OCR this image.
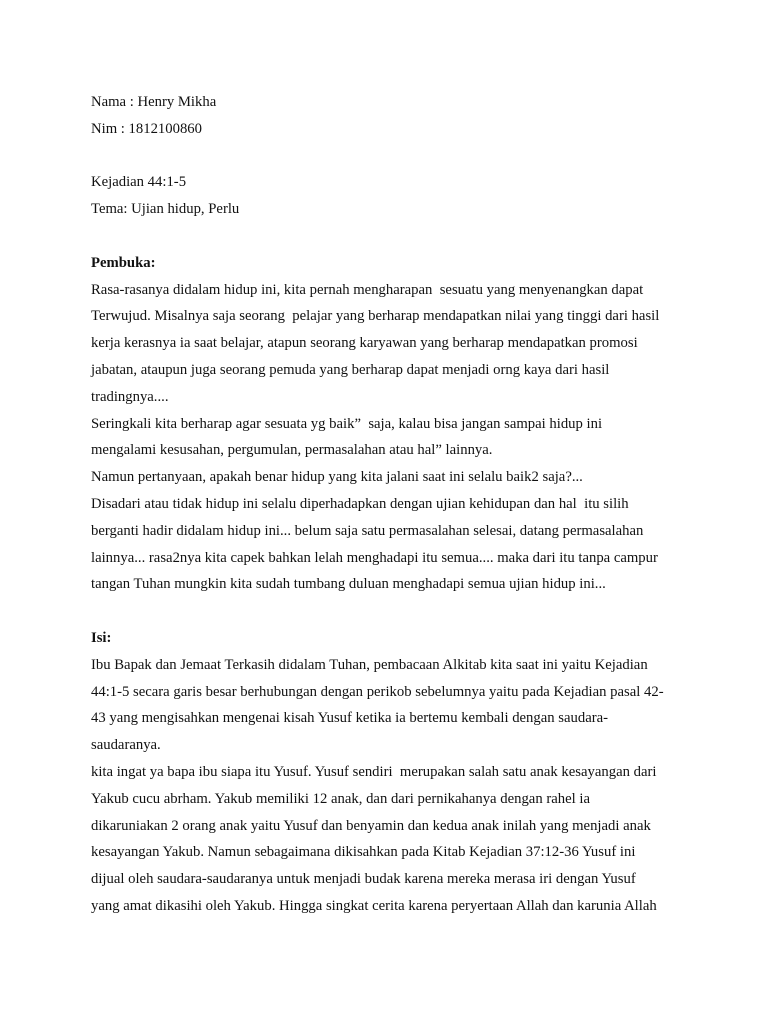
Nama : Henry Mikha
Nim : 1812100860
Kejadian 44:1-5
Tema: Ujian hidup, Perlu
Pembuka:
Rasa-rasanya didalam hidup ini, kita pernah mengharapan  sesuatu yang menyenangkan dapat
Terwujud. Misalnya saja seorang  pelajar yang berharap mendapatkan nilai yang tinggi dari hasil
kerja kerasnya ia saat belajar, atapun seorang karyawan yang berharap mendapatkan promosi
jabatan, ataupun juga seorang pemuda yang berharap dapat menjadi orng kaya dari hasil
tradingnya....
Seringkali kita berharap agar sesuata yg baik”  saja, kalau bisa jangan sampai hidup ini
mengalami kesusahan, pergumulan, permasalahan atau hal” lainnya.
Namun pertanyaan, apakah benar hidup yang kita jalani saat ini selalu baik2 saja?...
Disadari atau tidak hidup ini selalu diperhadapkan dengan ujian kehidupan dan hal  itu silih
berganti hadir didalam hidup ini... belum saja satu permasalahan selesai, datang permasalahan
lainnya... rasa2nya kita capek bahkan lelah menghadapi itu semua.... maka dari itu tanpa campur
tangan Tuhan mungkin kita sudah tumbang duluan menghadapi semua ujian hidup ini...
Isi:
Ibu Bapak dan Jemaat Terkasih didalam Tuhan, pembacaan Alkitab kita saat ini yaitu Kejadian
44:1-5 secara garis besar berhubungan dengan perikob sebelumnya yaitu pada Kejadian pasal 42-
43 yang mengisahkan mengenai kisah Yusuf ketika ia bertemu kembali dengan saudara-
saudaranya.
kita ingat ya bapa ibu siapa itu Yusuf. Yusuf sendiri  merupakan salah satu anak kesayangan dari
Yakub cucu abrham. Yakub memiliki 12 anak, dan dari pernikahanya dengan rahel ia
dikaruniakan 2 orang anak yaitu Yusuf dan benyamin dan kedua anak inilah yang menjadi anak
kesayangan Yakub. Namun sebagaimana dikisahkan pada Kitab Kejadian 37:12-36 Yusuf ini
dijual oleh saudara-saudaranya untuk menjadi budak karena mereka merasa iri dengan Yusuf
yang amat dikasihi oleh Yakub. Hingga singkat cerita karena peryertaan Allah dan karunia Allah
